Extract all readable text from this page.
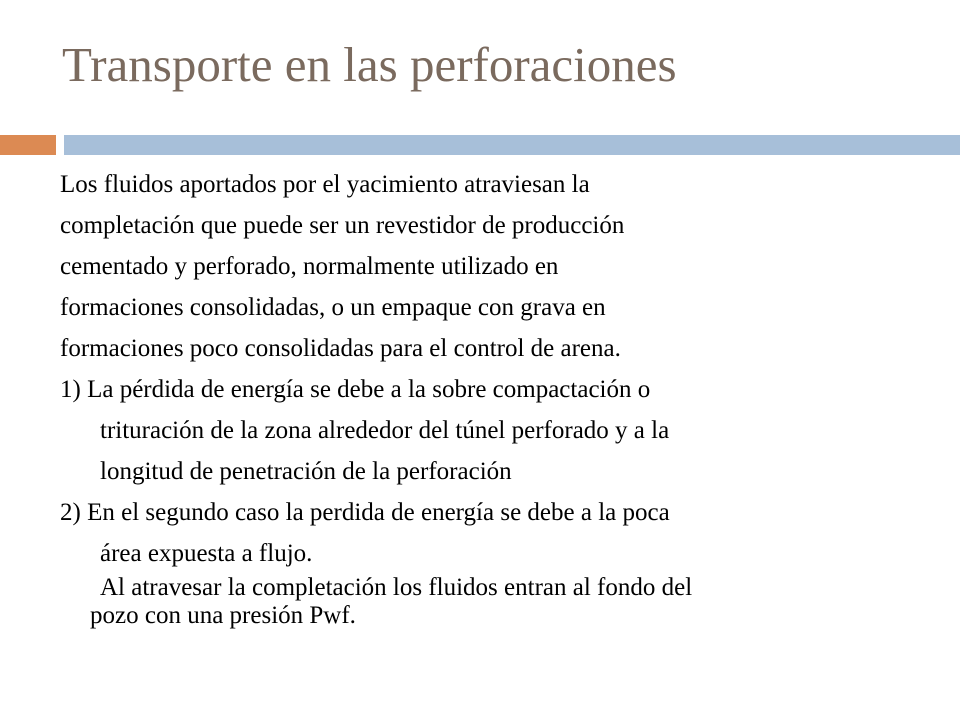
Transporte en las perforaciones
Los fluidos aportados por el yacimiento atraviesan la
completación que puede ser un revestidor de producción
cementado y perforado, normalmente utilizado en
formaciones consolidadas, o un empaque con grava en
formaciones poco consolidadas para el control de arena.
1) La pérdida de energía se debe a la sobre compactación o
trituración de la zona alrededor del túnel perforado y a la
longitud de penetración de la perforación
2) En el segundo caso la perdida de energía se debe a la poca
área expuesta a flujo.
Al atravesar la completación los fluidos entran al fondo del
pozo con una presión Pwf.
